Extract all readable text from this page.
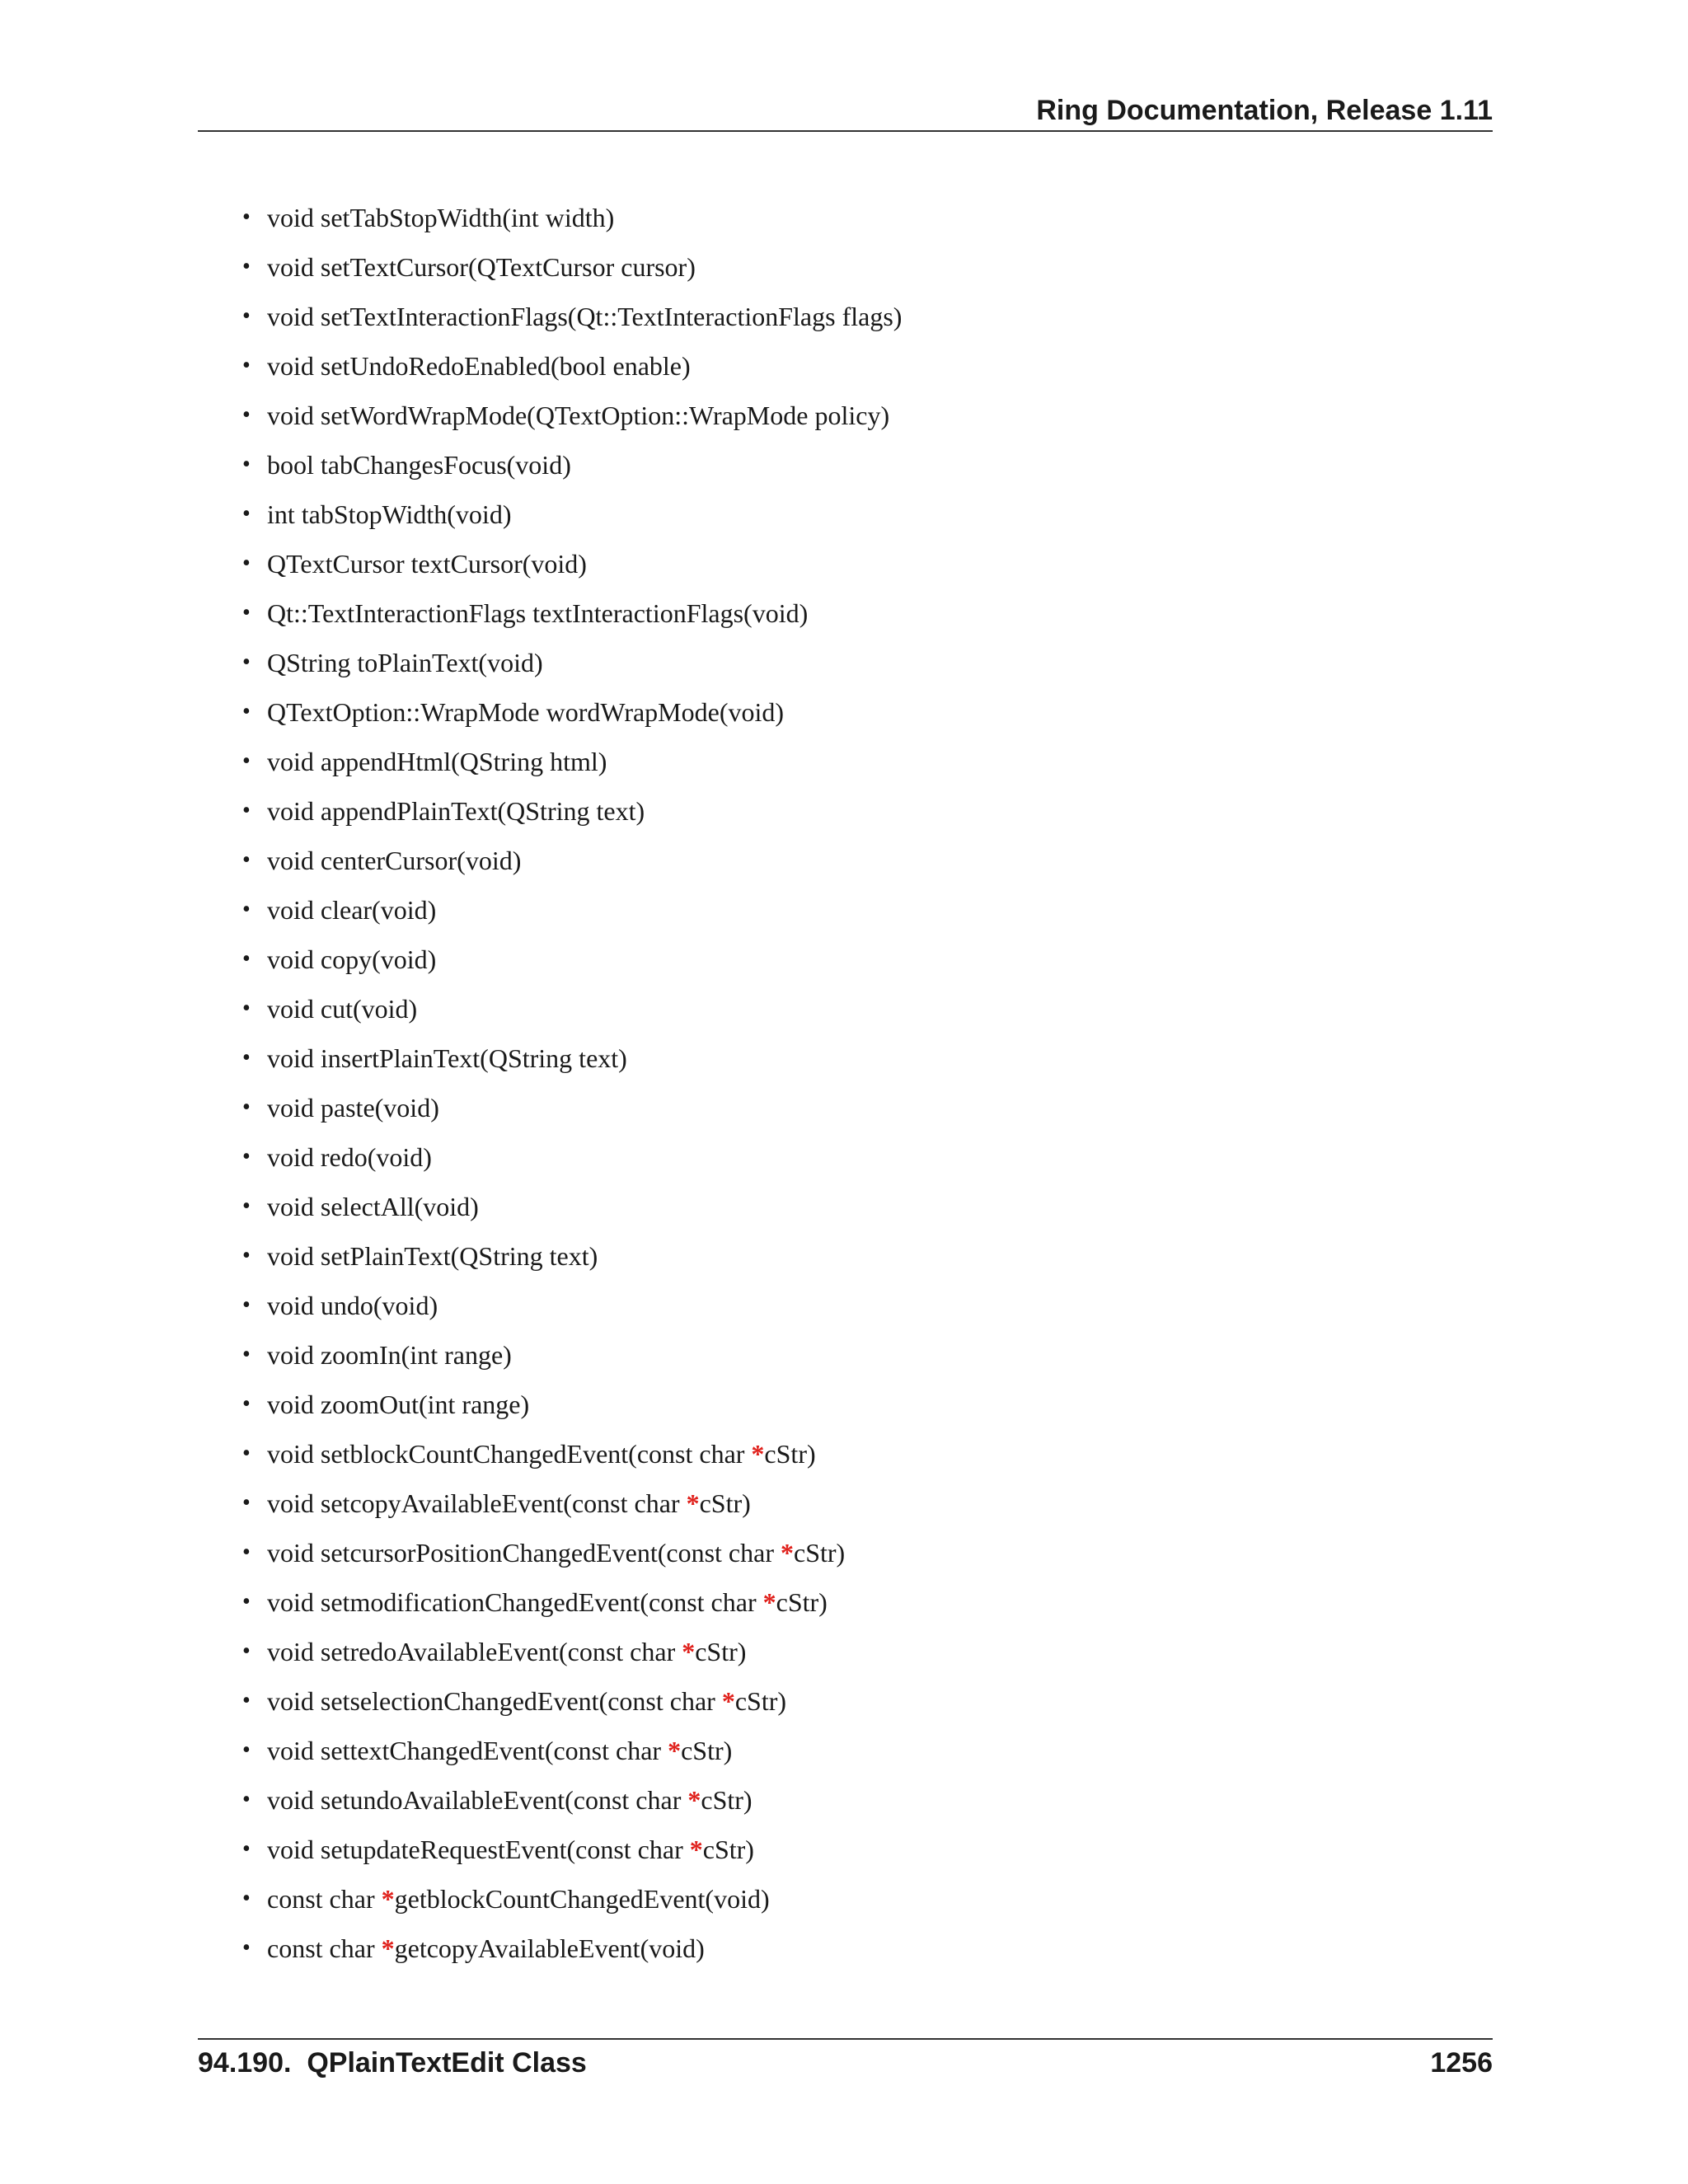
Ring Documentation, Release 1.11
• void setTabStopWidth(int width)
• void setTextCursor(QTextCursor cursor)
• void setTextInteractionFlags(Qt::TextInteractionFlags flags)
• void setUndoRedoEnabled(bool enable)
• void setWordWrapMode(QTextOption::WrapMode policy)
• bool tabChangesFocus(void)
• int tabStopWidth(void)
• QTextCursor textCursor(void)
• Qt::TextInteractionFlags textInteractionFlags(void)
• QString toPlainText(void)
• QTextOption::WrapMode wordWrapMode(void)
• void appendHtml(QString html)
• void appendPlainText(QString text)
• void centerCursor(void)
• void clear(void)
• void copy(void)
• void cut(void)
• void insertPlainText(QString text)
• void paste(void)
• void redo(void)
• void selectAll(void)
• void setPlainText(QString text)
• void undo(void)
• void zoomIn(int range)
• void zoomOut(int range)
• void setblockCountChangedEvent(const char *cStr)
• void setcopyAvailableEvent(const char *cStr)
• void setcursorPositionChangedEvent(const char *cStr)
• void setmodificationChangedEvent(const char *cStr)
• void setredoAvailableEvent(const char *cStr)
• void setselectionChangedEvent(const char *cStr)
• void settextChangedEvent(const char *cStr)
• void setundoAvailableEvent(const char *cStr)
• void setupdateRequestEvent(const char *cStr)
• const char *getblockCountChangedEvent(void)
• const char *getcopyAvailableEvent(void)
94.190.  QPlainTextEdit Class	1256
